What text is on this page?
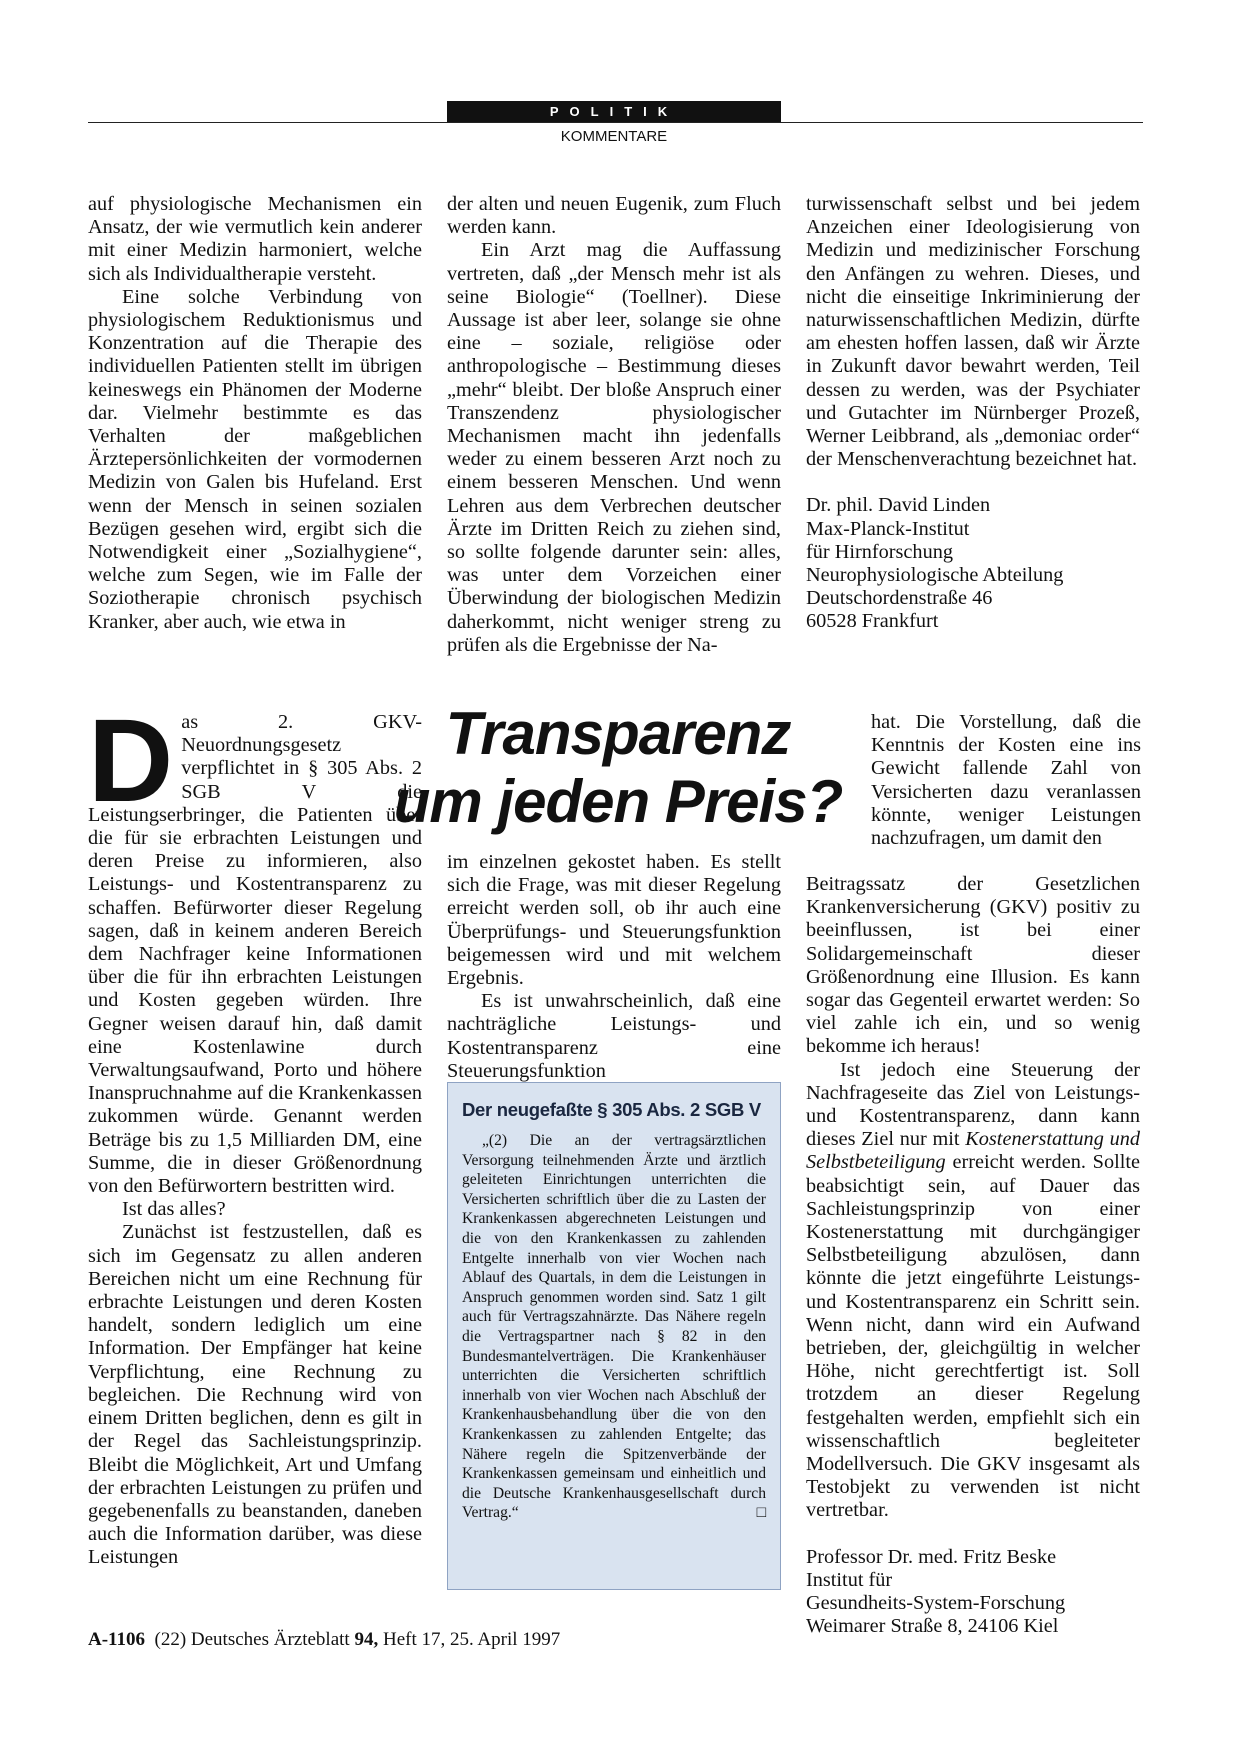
POLITIK
KOMMENTARE

auf physiologische Mechanismen ein Ansatz, der wie vermutlich kein anderer mit einer Medizin harmoniert, welche sich als Individualtherapie versteht.

Eine solche Verbindung von physiologischem Reduktionismus und Konzentration auf die Therapie des individuellen Patienten stellt im übrigen keineswegs ein Phänomen der Moderne dar. Vielmehr bestimmte es das Verhalten der maßgeblichen Ärztepersönlichkeiten der vormodernen Medizin von Galen bis Hufeland. Erst wenn der Mensch in seinen sozialen Bezügen gesehen wird, ergibt sich die Notwendigkeit einer „Sozialhygiene“, welche zum Segen, wie im Falle der Soziotherapie chronisch psychisch Kranker, aber auch, wie etwa in

der alten und neuen Eugenik, zum Fluch werden kann.

Ein Arzt mag die Auffassung vertreten, daß „der Mensch mehr ist als seine Biologie“ (Toellner). Diese Aussage ist aber leer, solange sie ohne eine – soziale, religiöse oder anthropologische – Bestimmung dieses „mehr“ bleibt. Der bloße Anspruch einer Transzendenz physiologischer Mechanismen macht ihn jedenfalls weder zu einem besseren Arzt noch zu einem besseren Menschen. Und wenn Lehren aus dem Verbrechen deutscher Ärzte im Dritten Reich zu ziehen sind, so sollte folgende darunter sein: alles, was unter dem Vorzeichen einer Überwindung der biologischen Medizin daherkommt, nicht weniger streng zu prüfen als die Ergebnisse der Na-

turwissenschaft selbst und bei jedem Anzeichen einer Ideologisierung von Medizin und medizinischer Forschung den Anfängen zu wehren. Dieses, und nicht die einseitige Inkriminierung der naturwissenschaftlichen Medizin, dürfte am ehesten hoffen lassen, daß wir Ärzte in Zukunft davor bewahrt werden, Teil dessen zu werden, was der Psychiater und Gutachter im Nürnberger Prozeß, Werner Leibbrand, als „demoniac order“ der Menschenverachtung bezeichnet hat.

Dr. phil. David Linden
Max-Planck-Institut
für Hirnforschung
Neurophysiologische Abteilung
Deutschordenstraße 46
60528 Frankfurt
Transparenz
um jeden Preis?

Das 2. GKV-Neuordnungsgesetz verpflichtet in § 305 Abs. 2 SGB V die Leistungserbringer, die Patienten über die für sie erbrachten Leistungen und deren Preise zu informieren, also Leistungs- und Kostentransparenz zu schaffen. Befürworter dieser Regelung sagen, daß in keinem anderen Bereich dem Nachfrager keine Informationen über die für ihn erbrachten Leistungen und Kosten gegeben würden. Ihre Gegner weisen darauf hin, daß damit eine Kostenlawine durch Verwaltungsaufwand, Porto und höhere Inanspruchnahme auf die Krankenkassen zukommen würde. Genannt werden Beträge bis zu 1,5 Milliarden DM, eine Summe, die in dieser Größenordnung von den Befürwortern bestritten wird.

Ist das alles?

Zunächst ist festzustellen, daß es sich im Gegensatz zu allen anderen Bereichen nicht um eine Rechnung für erbrachte Leistungen und deren Kosten handelt, sondern lediglich um eine Information. Der Empfänger hat keine Verpflichtung, eine Rechnung zu begleichen. Die Rechnung wird von einem Dritten beglichen, denn es gilt in der Regel das Sachleistungsprinzip. Bleibt die Möglichkeit, Art und Umfang der erbrachten Leistungen zu prüfen und gegebenenfalls zu beanstanden, daneben auch die Information darüber, was diese Leistungen

im einzelnen gekostet haben. Es stellt sich die Frage, was mit dieser Regelung erreicht werden soll, ob ihr auch eine Überprüfungs- und Steuerungsfunktion beigemessen wird und mit welchem Ergebnis.

Es ist unwahrscheinlich, daß eine nachträgliche Leistungs- und Kostentransparenz eine Steuerungsfunktion

Der neugefaßte § 305 Abs. 2 SGB V
„(2) Die an der vertragsärztlichen Versorgung teilnehmenden Ärzte und ärztlich geleiteten Einrichtungen unterrichten die Versicherten schriftlich über die zu Lasten der Krankenkassen abgerechneten Leistungen und die von den Krankenkassen zu zahlenden Entgelte innerhalb von vier Wochen nach Ablauf des Quartals, in dem die Leistungen in Anspruch genommen worden sind. Satz 1 gilt auch für Vertragszahnärzte. Das Nähere regeln die Vertragspartner nach § 82 in den Bundesmantelverträgen. Die Krankenhäuser unterrichten die Versicherten schriftlich innerhalb von vier Wochen nach Abschluß der Krankenhausbehandlung über die von den Krankenkassen zu zahlenden Entgelte; das Nähere regeln die Spitzenverbände der Krankenkassen gemeinsam und einheitlich und die Deutsche Krankenhausgesellschaft durch Vertrag.“	□

hat. Die Vorstellung, daß die Kenntnis der Kosten eine ins Gewicht fallende Zahl von Versicherten dazu veranlassen könnte, weniger Leistungen nachzufragen, um damit den

Beitragssatz der Gesetzlichen Krankenversicherung (GKV) positiv zu beeinflussen, ist bei einer Solidargemeinschaft dieser Größenordnung eine Illusion. Es kann sogar das Gegenteil erwartet werden: So viel zahle ich ein, und so wenig bekomme ich heraus!

Ist jedoch eine Steuerung der Nachfrageseite das Ziel von Leistungs- und Kostentransparenz, dann kann dieses Ziel nur mit Kostenerstattung und Selbstbeteiligung erreicht werden. Sollte beabsichtigt sein, auf Dauer das Sachleistungsprinzip von einer Kostenerstattung mit durchgängiger Selbstbeteiligung abzulösen, dann könnte die jetzt eingeführte Leistungs- und Kostentransparenz ein Schritt sein. Wenn nicht, dann wird ein Aufwand betrieben, der, gleichgültig in welcher Höhe, nicht gerechtfertigt ist. Soll trotzdem an dieser Regelung festgehalten werden, empfiehlt sich ein wissenschaftlich begleiteter Modellversuch. Die GKV insgesamt als Testobjekt zu verwenden ist nicht vertretbar.

Professor Dr. med. Fritz Beske
Institut für
Gesundheits-System-Forschung
Weimarer Straße 8, 24106 Kiel
A-1106 (22) Deutsches Ärzteblatt 94, Heft 17, 25. April 1997
